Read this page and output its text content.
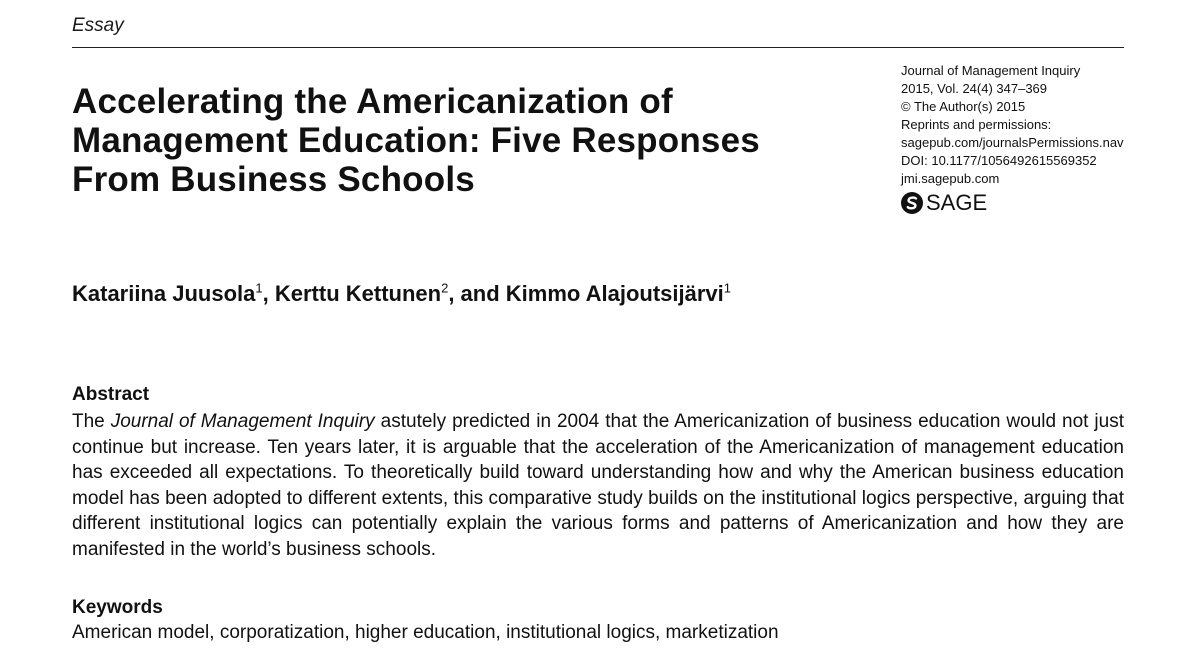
Essay
Accelerating the Americanization of Management Education: Five Responses From Business Schools
Journal of Management Inquiry
2015, Vol. 24(4) 347–369
© The Author(s) 2015
Reprints and permissions:
sagepub.com/journalsPermissions.nav
DOI: 10.1177/1056492615569352
jmi.sagepub.com
SAGE
Katariina Juusola$^1$, Kerttu Kettunen$^2$, and Kimmo Alajoutsijärvi$^1$
Abstract
The Journal of Management Inquiry astutely predicted in 2004 that the Americanization of business education would not just continue but increase. Ten years later, it is arguable that the acceleration of the Americanization of management education has exceeded all expectations. To theoretically build toward understanding how and why the American business education model has been adopted to different extents, this comparative study builds on the institutional logics perspective, arguing that different institutional logics can potentially explain the various forms and patterns of Americanization and how they are manifested in the world’s business schools.
Keywords
American model, corporatization, higher education, institutional logics, marketization
